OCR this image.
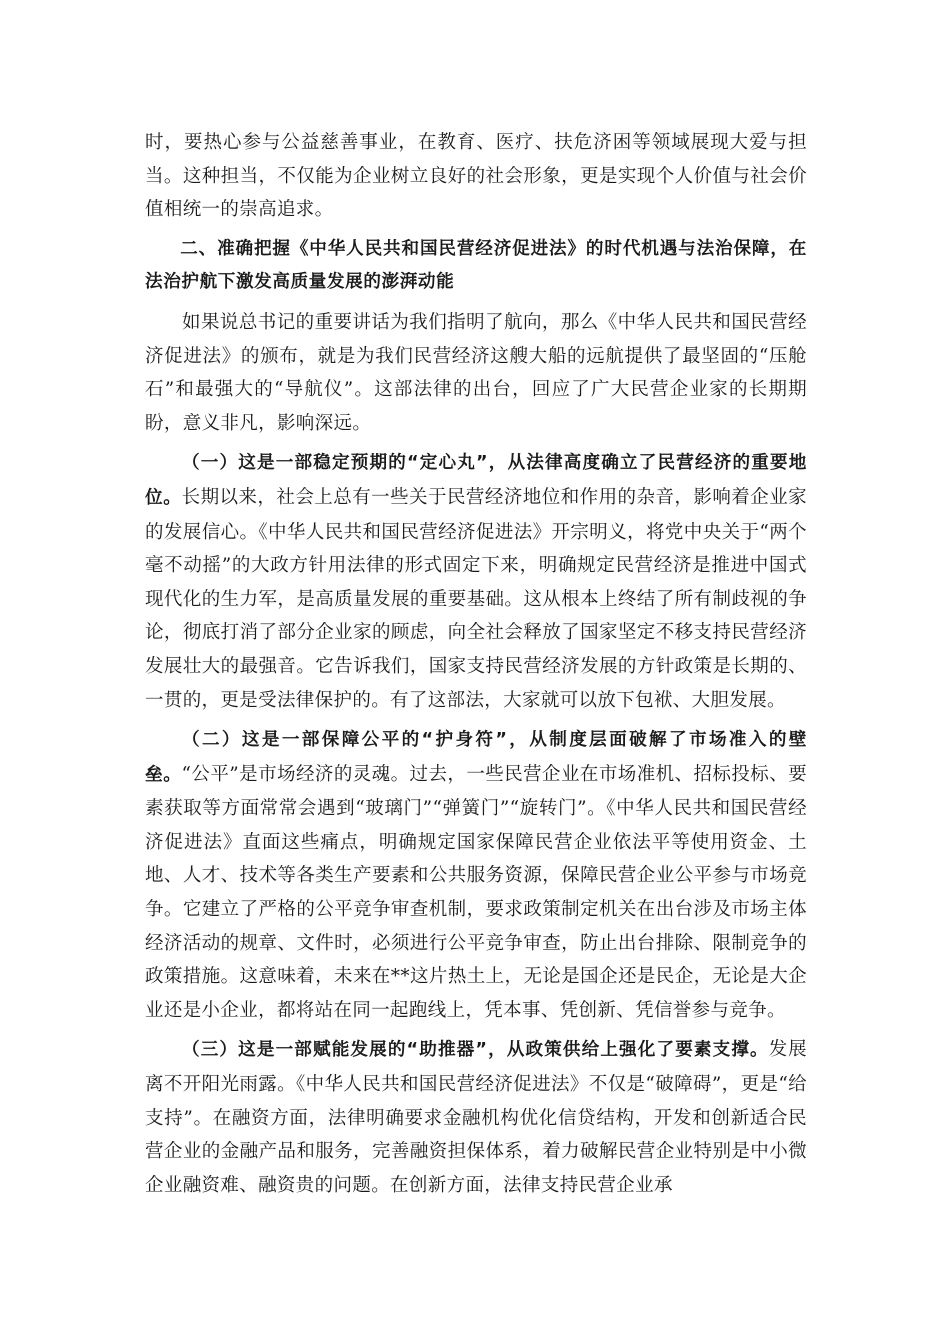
时，要热心参与公益慈善事业，在教育、医疗、扶危济困等领域展现大爱与担当。这种担当，不仅能为企业树立良好的社会形象，更是实现个人价值与社会价值相统一的崇高追求。

二、准确把握《中华人民共和国民营经济促进法》的时代机遇与法治保障，在法治护航下激发高质量发展的澎湃动能

如果说总书记的重要讲话为我们指明了航向，那么《中华人民共和国民营经济促进法》的颁布，就是为我们民营经济这艘大船的远航提供了最坚固的“压舱石”和最强大的“导航仪”。这部法律的出台，回应了广大民营企业家的长期期盼，意义非凡，影响深远。

（一）这是一部稳定预期的“定心丸”，从法律高度确立了民营经济的重要地位。长期以来，社会上总有一些关于民营经济地位和作用的杂音，影响着企业家的发展信心。《中华人民共和国民营经济促进法》开宗明义，将党中央关于“两个毫不动摇”的大政方针用法律的形式固定下来，明确规定民营经济是推进中国式现代化的生力军，是高质量发展的重要基础。这从根本上终结了所有制歧视的争论，彻底打消了部分企业家的顾虑，向全社会释放了国家坚定不移支持民营经济发展壮大的最强音。它告诉我们，国家支持民营经济发展的方针政策是长期的、一贯的，更是受法律保护的。有了这部法，大家就可以放下包袱、大胆发展。

（二）这是一部保障公平的“护身符”，从制度层面破解了市场准入的壁垒。“公平”是市场经济的灵魂。过去，一些民营企业在市场准机、招标投标、要素获取等方面常常会遇到“玻璃门”“弹簧门”“旋转门”。《中华人民共和国民营经济促进法》直面这些痛点，明确规定国家保障民营企业依法平等使用资金、土地、人才、技术等各类生产要素和公共服务资源，保障民营企业公平参与市场竞争。它建立了严格的公平竞争审查机制，要求政策制定机关在出台涉及市场主体经济活动的规章、文件时，必须进行公平竞争审查，防止出台排除、限制竞争的政策措施。这意味着，未来在**这片热土上，无论是国企还是民企，无论是大企业还是小企业，都将站在同一起跑线上，凭本事、凭创新、凭信誉参与竞争。

（三）这是一部赋能发展的“助推器”，从政策供给上强化了要素支撑。发展离不开阳光雨露。《中华人民共和国民营经济促进法》不仅是“破障碍”，更是“给支持”。在融资方面，法律明确要求金融机构优化信贷结构，开发和创新适合民营企业的金融产品和服务，完善融资担保体系，着力破解民营企业特别是中小微企业融资难、融资贵的问题。在创新方面，法律支持民营企业承
